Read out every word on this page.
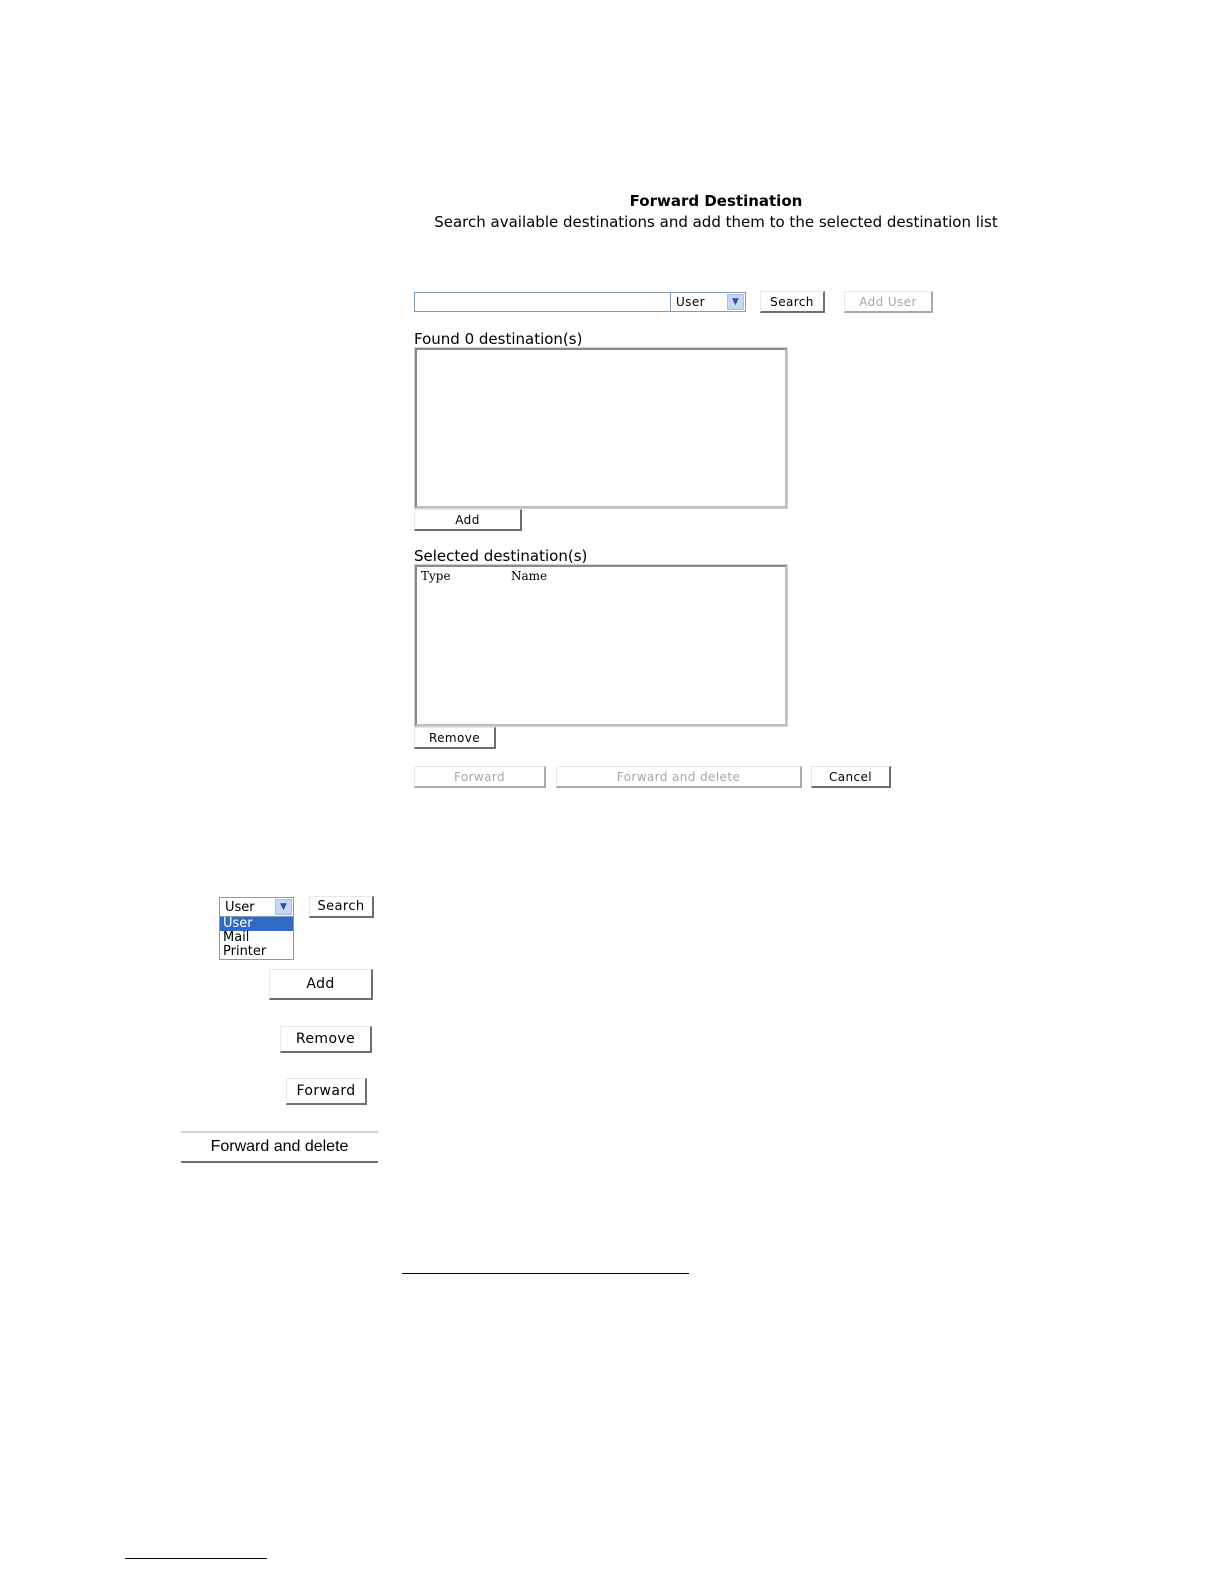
Forward Destination
Search available destinations and add them to the selected destination list
User	▼	Search	Add User
Found 0 destination(s)
Add
Selected destination(s)
Type	Name
Remove
Forward	Forward and delete	Cancel
User	▼
User
Mail
Printer
Search
Add
Remove
Forward
Forward and delete
